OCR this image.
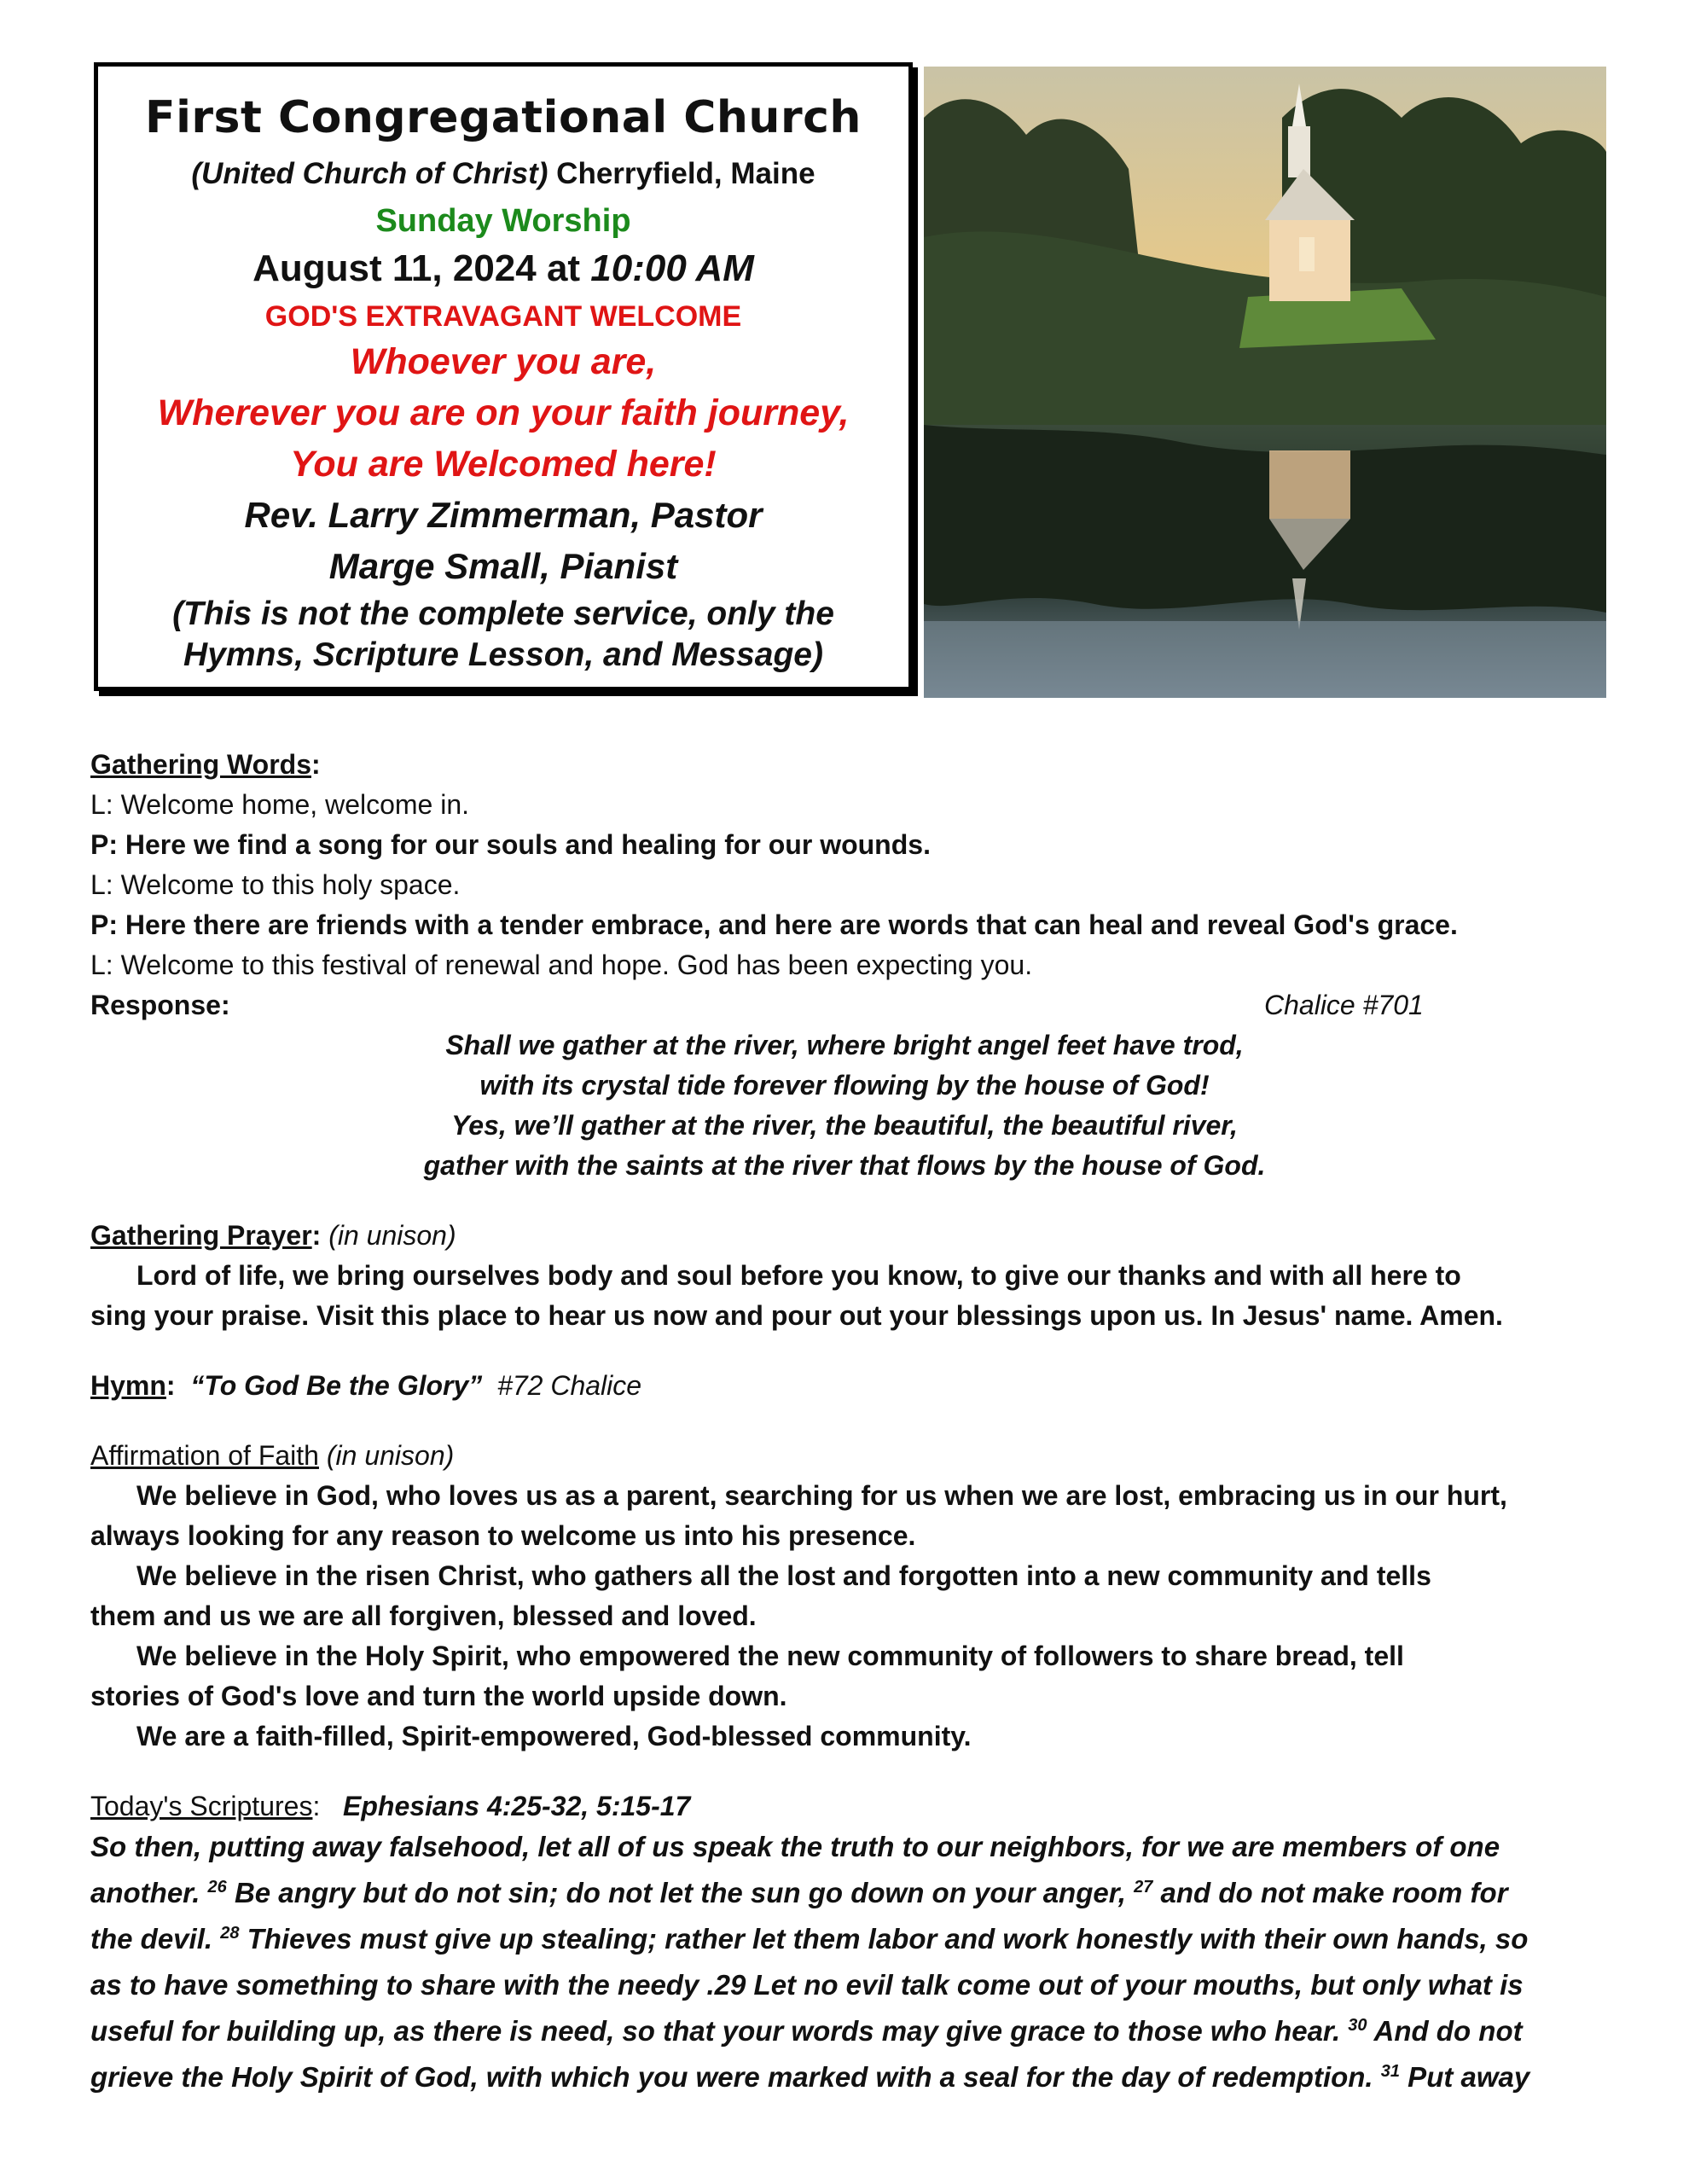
First Congregational Church
(United Church of Christ) Cherryfield, Maine
Sunday Worship
August 11, 2024 at 10:00 AM
GOD'S EXTRAVAGANT WELCOME
Whoever you are,
Wherever you are on your faith journey,
You are Welcomed here!
Rev. Larry Zimmerman, Pastor
Marge Small, Pianist
(This is not the complete service, only the
Hymns, Scripture Lesson, and Message)
Gathering Words:
L: Welcome home, welcome in.
P: Here we find a song for our souls and healing for our wounds.
L: Welcome to this holy space.
P: Here there are friends with a tender embrace, and here are words that can heal and reveal God's grace.
L: Welcome to this festival of renewal and hope. God has been expecting you.
Response:	Chalice #701
Shall we gather at the river, where bright angel feet have trod,
with its crystal tide forever flowing by the house of God!
Yes, we’ll gather at the river, the beautiful, the beautiful river,
gather with the saints at the river that flows by the house of God.
Gathering Prayer: (in unison)
Lord of life, we bring ourselves body and soul before you know, to give our thanks and with all here to
sing your praise. Visit this place to hear us now and pour out your blessings upon us. In Jesus' name. Amen.
Hymn:  “To God Be the Glory”  #72 Chalice
Affirmation of Faith (in unison)
We believe in God, who loves us as a parent, searching for us when we are lost, embracing us in our hurt,
always looking for any reason to welcome us into his presence.
We believe in the risen Christ, who gathers all the lost and forgotten into a new community and tells
them and us we are all forgiven, blessed and loved.
We believe in the Holy Spirit, who empowered the new community of followers to share bread, tell
stories of God's love and turn the world upside down.
We are a faith-filled, Spirit-empowered, God-blessed community.
Today's Scriptures:   Ephesians 4:25-32, 5:15-17
So then, putting away falsehood, let all of us speak the truth to our neighbors, for we are members of one
another. $^{26}$ Be angry but do not sin; do not let the sun go down on your anger, $^{27}$ and do not make room for
the devil. $^{28}$ Thieves must give up stealing; rather let them labor and work honestly with their own hands, so
as to have something to share with the needy .29 Let no evil talk come out of your mouths, but only what is
useful for building up, as there is need, so that your words may give grace to those who hear. $^{30}$ And do not
grieve the Holy Spirit of God, with which you were marked with a seal for the day of redemption. $^{31}$ Put away
